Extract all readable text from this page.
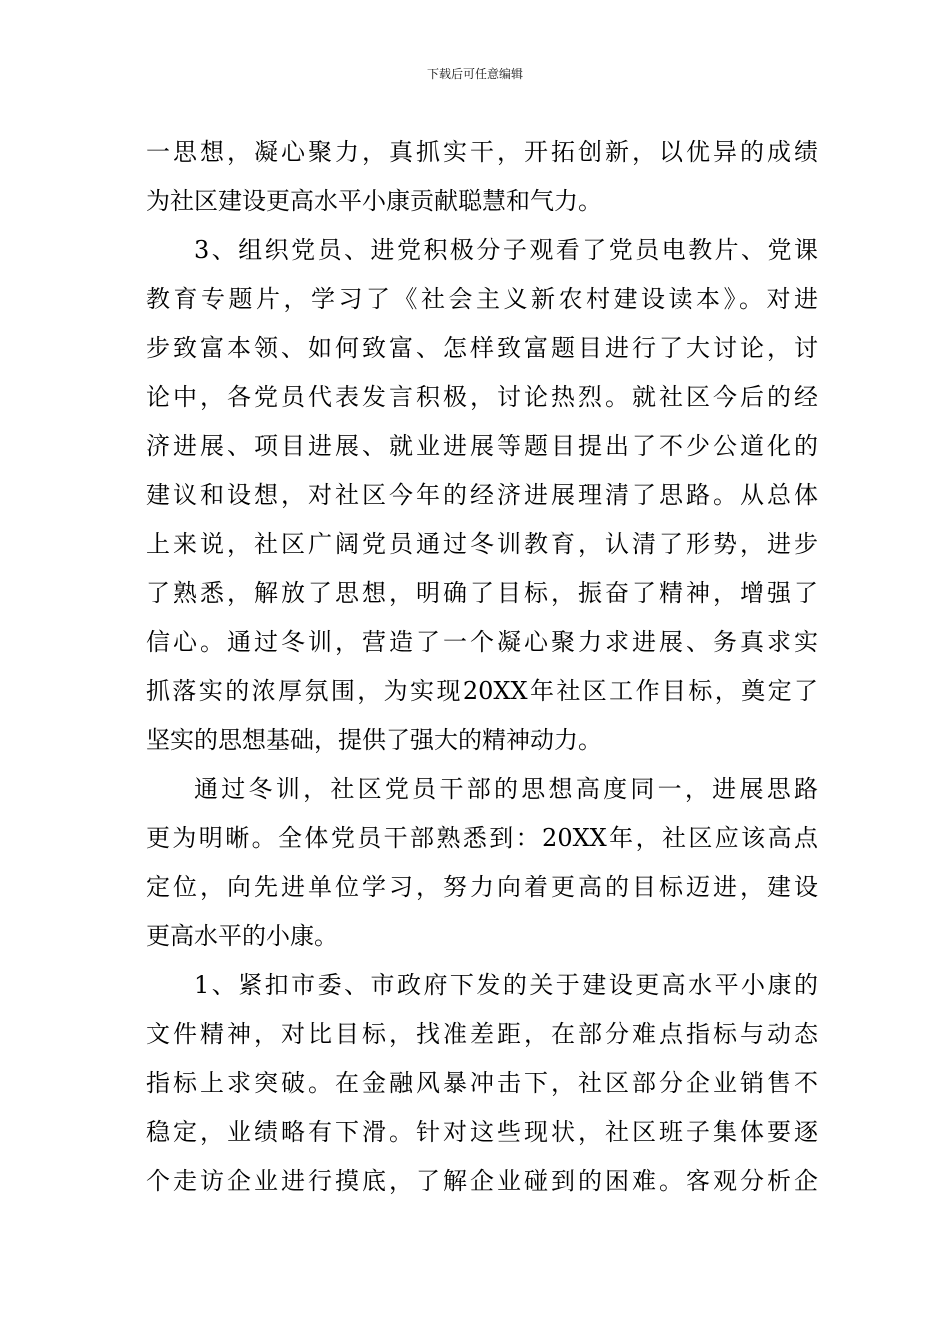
下载后可任意编辑
一思想，凝心聚力，真抓实干，开拓创新，以优异的成绩
为社区建设更高水平小康贡献聪慧和气力。
3、组织党员、进党积极分子观看了党员电教片、党课
教育专题片，学习了《社会主义新农村建设读本》。对进
步致富本领、如何致富、怎样致富题目进行了大讨论，讨
论中，各党员代表发言积极，讨论热烈。就社区今后的经
济进展、项目进展、就业进展等题目提出了不少公道化的
建议和设想，对社区今年的经济进展理清了思路。从总体
上来说，社区广阔党员通过冬训教育，认清了形势，进步
了熟悉，解放了思想，明确了目标，振奋了精神，增强了
信心。通过冬训，营造了一个凝心聚力求进展、务真求实
抓落实的浓厚氛围，为实现20XX年社区工作目标，奠定了
坚实的思想基础，提供了强大的精神动力。
通过冬训，社区党员干部的思想高度同一，进展思路
更为明晰。全体党员干部熟悉到：20XX年，社区应该高点
定位，向先进单位学习，努力向着更高的目标迈进，建设
更高水平的小康。
1、紧扣市委、市政府下发的关于建设更高水平小康的
文件精神，对比目标，找准差距，在部分难点指标与动态
指标上求突破。在金融风暴冲击下，社区部分企业销售不
稳定，业绩略有下滑。针对这些现状，社区班子集体要逐
个走访企业进行摸底，了解企业碰到的困难。客观分析企
